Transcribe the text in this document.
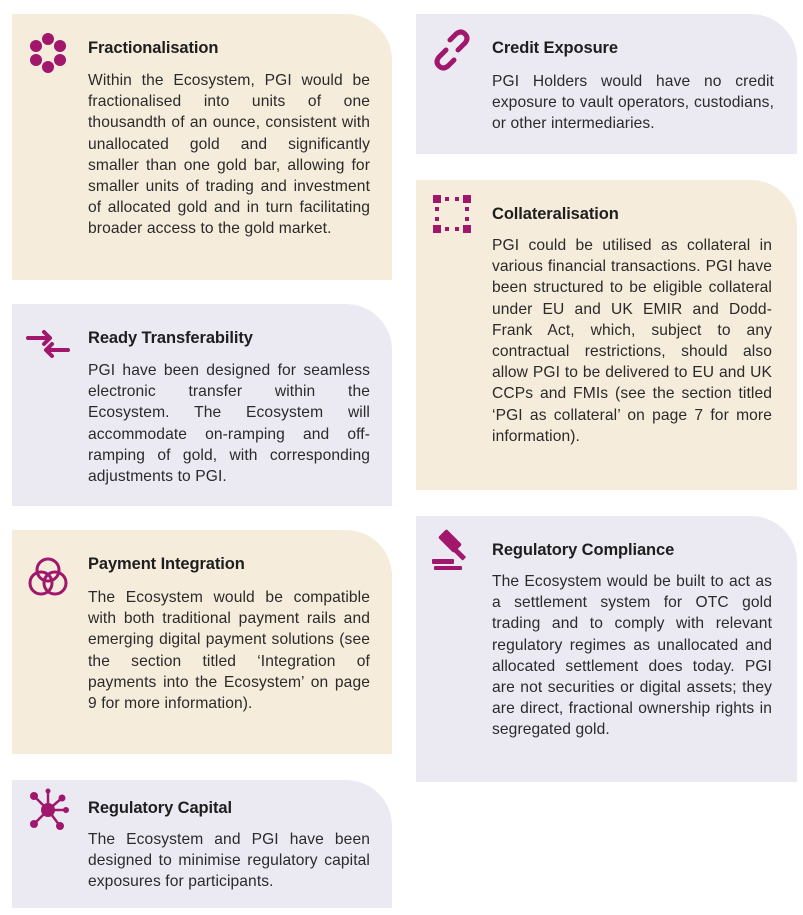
Fractionalisation
Within the Ecosystem, PGI would be fractionalised into units of one thousandth of an ounce, consistent with unallocated gold and significantly smaller than one gold bar, allowing for smaller units of trading and investment of allocated gold and in turn facilitating broader access to the gold market.
Credit Exposure
PGI Holders would have no credit exposure to vault operators, custodians, or other intermediaries.
Collateralisation
PGI could be utilised as collateral in various financial transactions. PGI have been structured to be eligible collateral under EU and UK EMIR and Dodd-Frank Act, which, subject to any contractual restrictions, should also allow PGI to be delivered to EU and UK CCPs and FMIs (see the section titled ‘PGI as collateral’ on page 7 for more information).
Ready Transferability
PGI have been designed for seamless electronic transfer within the Ecosystem. The Ecosystem will accommodate on-ramping and off-ramping of gold, with corresponding adjustments to PGI.
Regulatory Compliance
The Ecosystem would be built to act as a settlement system for OTC gold trading and to comply with relevant regulatory regimes as unallocated and allocated settlement does today. PGI are not securities or digital assets; they are direct, fractional ownership rights in segregated gold.
Payment Integration
The Ecosystem would be compatible with both traditional payment rails and emerging digital payment solutions (see the section titled ‘Integration of payments into the Ecosystem’ on page 9 for more information).
Regulatory Capital
The Ecosystem and PGI have been designed to minimise regulatory capital exposures for participants.
